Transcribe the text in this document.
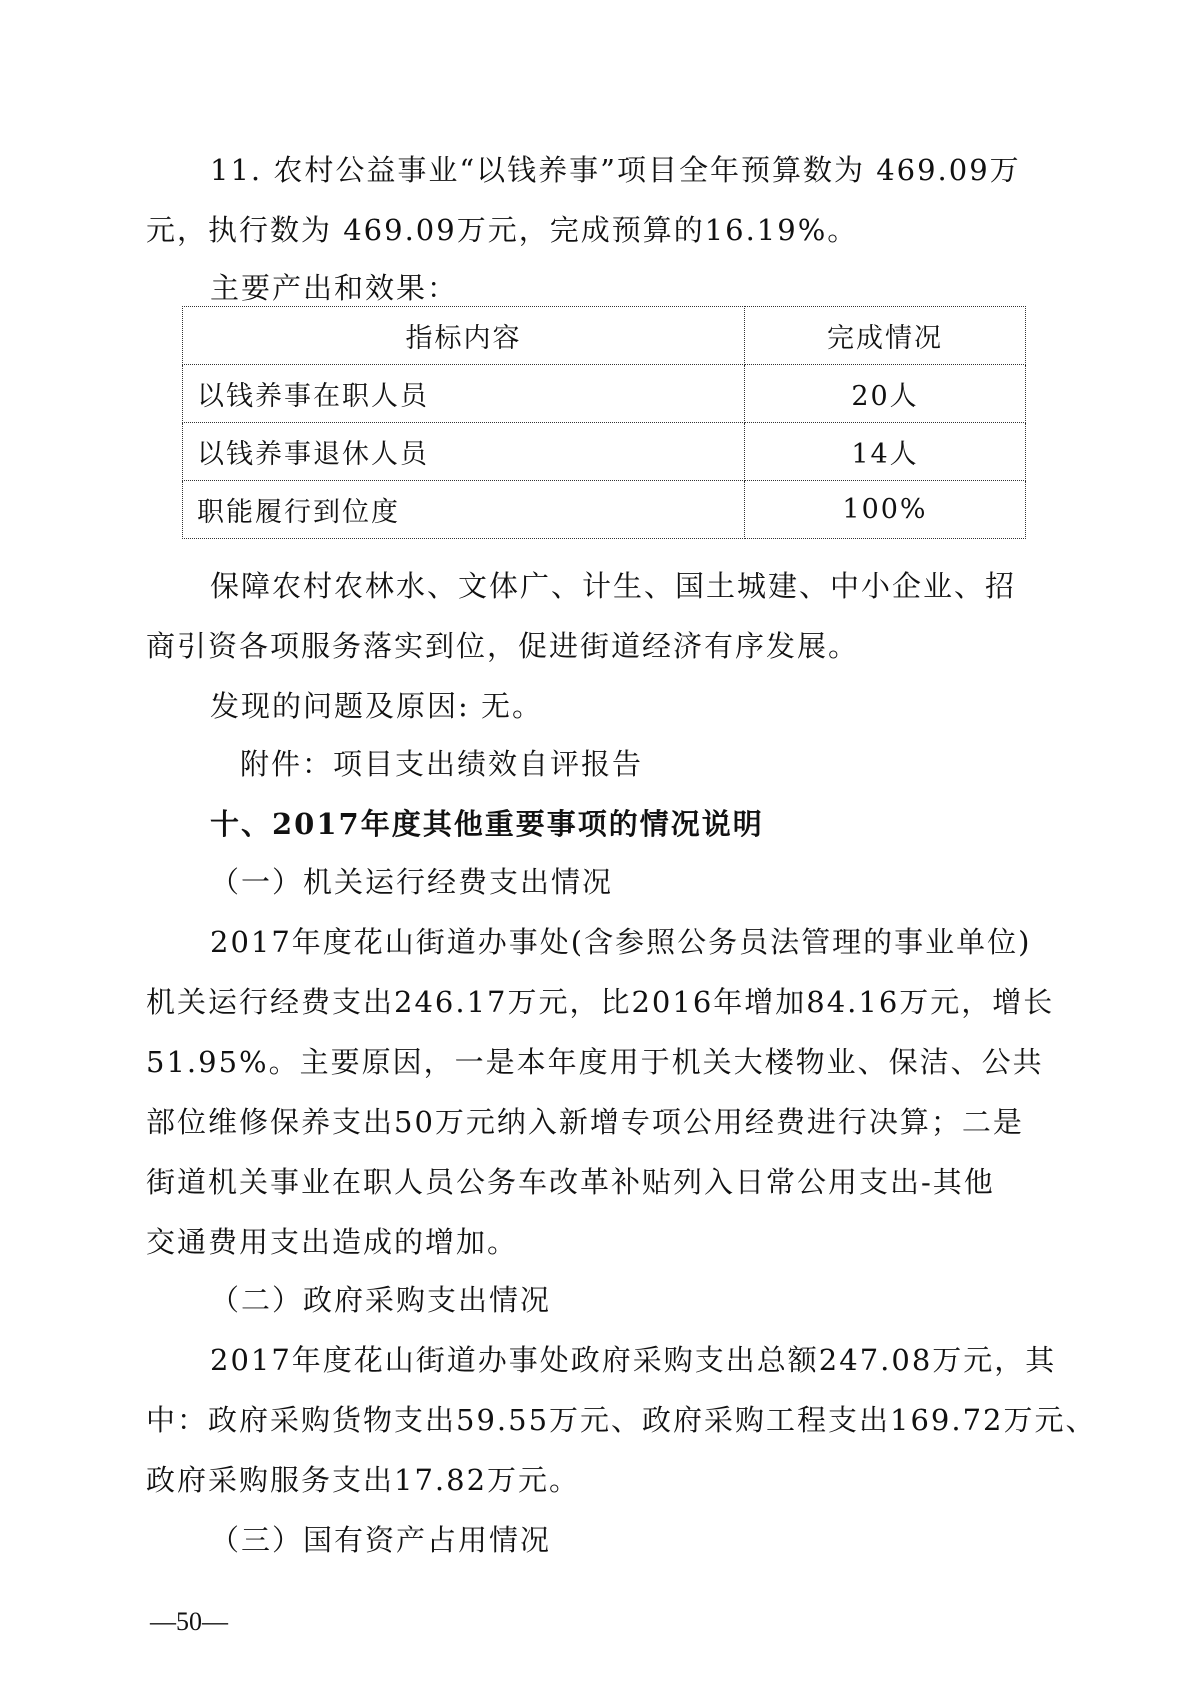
11. 农村公益事业“以钱养事”项目全年预算数为 469.09万
元，执行数为 469.09万元，完成预算的16.19%。
主要产出和效果：
指标内容	完成情况
以钱养事在职人员	20人
以钱养事退休人员	14人
职能履行到位度	100%
保障农村农林水、文体广、计生、国土城建、中小企业、招
商引资各项服务落实到位，促进街道经济有序发展。
发现的问题及原因: 无。
附件：项目支出绩效自评报告
十、2017年度其他重要事项的情况说明
（一）机关运行经费支出情况
2017年度花山街道办事处(含参照公务员法管理的事业单位)
机关运行经费支出246.17万元，比2016年增加84.16万元，增长
51.95%。主要原因，一是本年度用于机关大楼物业、保洁、公共
部位维修保养支出50万元纳入新增专项公用经费进行决算；二是
街道机关事业在职人员公务车改革补贴列入日常公用支出-其他
交通费用支出造成的增加。
（二）政府采购支出情况
2017年度花山街道办事处政府采购支出总额247.08万元，其
中：政府采购货物支出59.55万元、政府采购工程支出169.72万元、
政府采购服务支出17.82万元。
（三）国有资产占用情况
—50—
